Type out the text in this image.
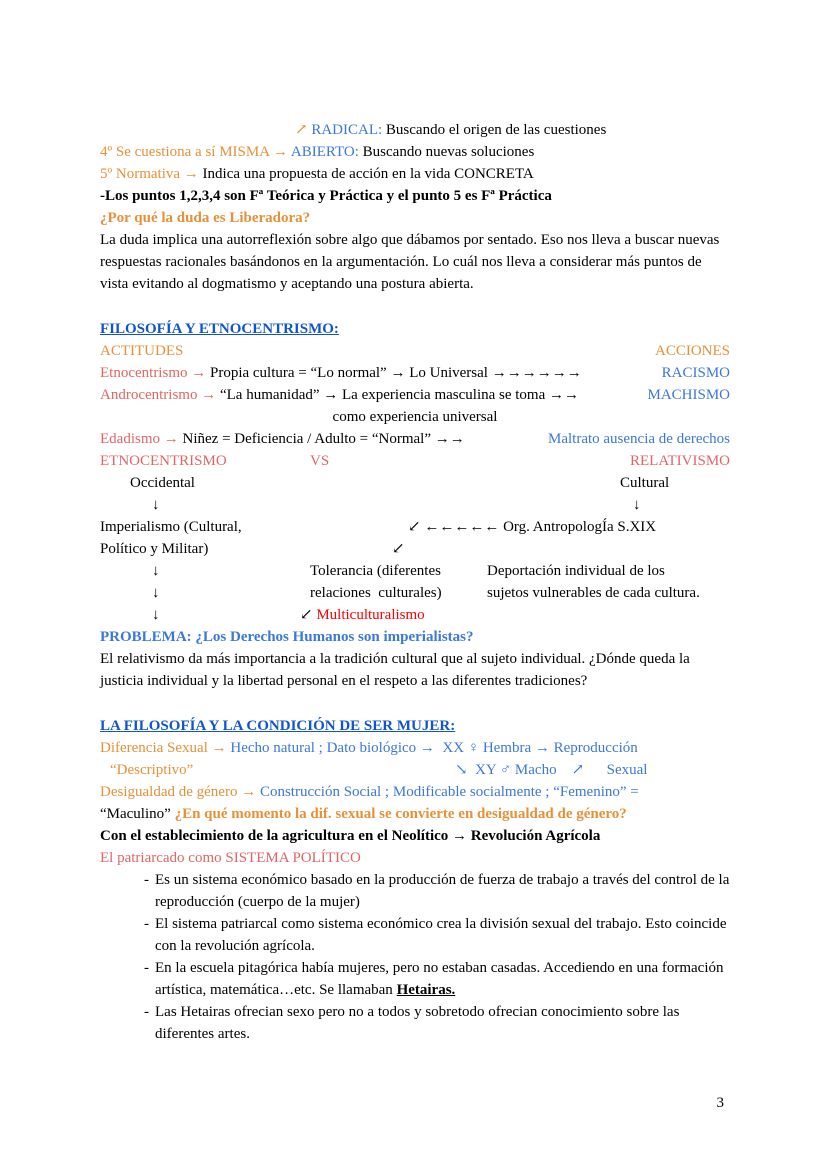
↗ RADICAL: Buscando el origen de las cuestiones
4º Se cuestiona a sí MISMA → ABIERTO: Buscando nuevas soluciones
5º Normativa → Indica una propuesta de acción en la vida CONCRETA
-Los puntos 1,2,3,4 son Fª Teórica y Práctica y el punto 5 es Fª Práctica
¿Por qué la duda es Liberadora?
La duda implica una autorreflexión sobre algo que dábamos por sentado. Eso nos lleva a buscar nuevas respuestas racionales basándonos en la argumentación. Lo cuál nos lleva a considerar más puntos de vista evitando al dogmatismo y aceptando una postura abierta.
FILOSOFÍA Y ETNOCENTRISMO:
ACTITUDES	ACCIONES
Etnocentrismo → Propia cultura = “Lo normal” → Lo Universal →→→→→→	RACISMO
Androcentrismo → “La humanidad” → La experiencia masculina se toma →→	MACHISMO
como experiencia universal
Edadismo → Niñez = Deficiencia / Adulto = “Normal” →→	Maltrato ausencia de derechos
ETNOCENTRISMO	VS	RELATIVISMO
Occidental	Cultural
↓	↓
Imperialismo (Cultural,	↙ ←←←←← Org. AntropologÍa S.XIX
Político y Militar)	↙
↓	Tolerancia (diferentes	Deportación individual de los
↓	relaciones  culturales)	sujetos vulnerables de cada cultura.
↓	↙ Multiculturalismo
PROBLEMA: ¿Los Derechos Humanos son imperialistas?
El relativismo da más importancia a la tradición cultural que al sujeto individual. ¿Dónde queda la justicia individual y la libertad personal en el respeto a las diferentes tradiciones?
LA FILOSOFÍA Y LA CONDICIÓN DE SER MUJER:
Diferencia Sexual → Hecho natural ; Dato biológico →  XX ♀ Hembra → Reproducción
“Descriptivo”	↘  XY ♂ Macho    ↗      Sexual
Desigualdad de género → Construcción Social ; Modificable socialmente ; “Femenino” =
“Maculino” ¿En qué momento la dif. sexual se convierte en desigualdad de género?
Con el establecimiento de la agricultura en el Neolítico → Revolución Agrícola
El patriarcado como SISTEMA POLÍTICO
- Es un sistema económico basado en la producción de fuerza de trabajo a través del control de la reproducción (cuerpo de la mujer)
- El sistema patriarcal como sistema económico crea la división sexual del trabajo. Esto coincide con la revolución agrícola.
- En la escuela pitagórica había mujeres, pero no estaban casadas. Accediendo en una formación artística, matemática…etc. Se llamaban Hetairas.
- Las Hetairas ofrecian sexo pero no a todos y sobretodo ofrecian conocimiento sobre las diferentes artes.
3
